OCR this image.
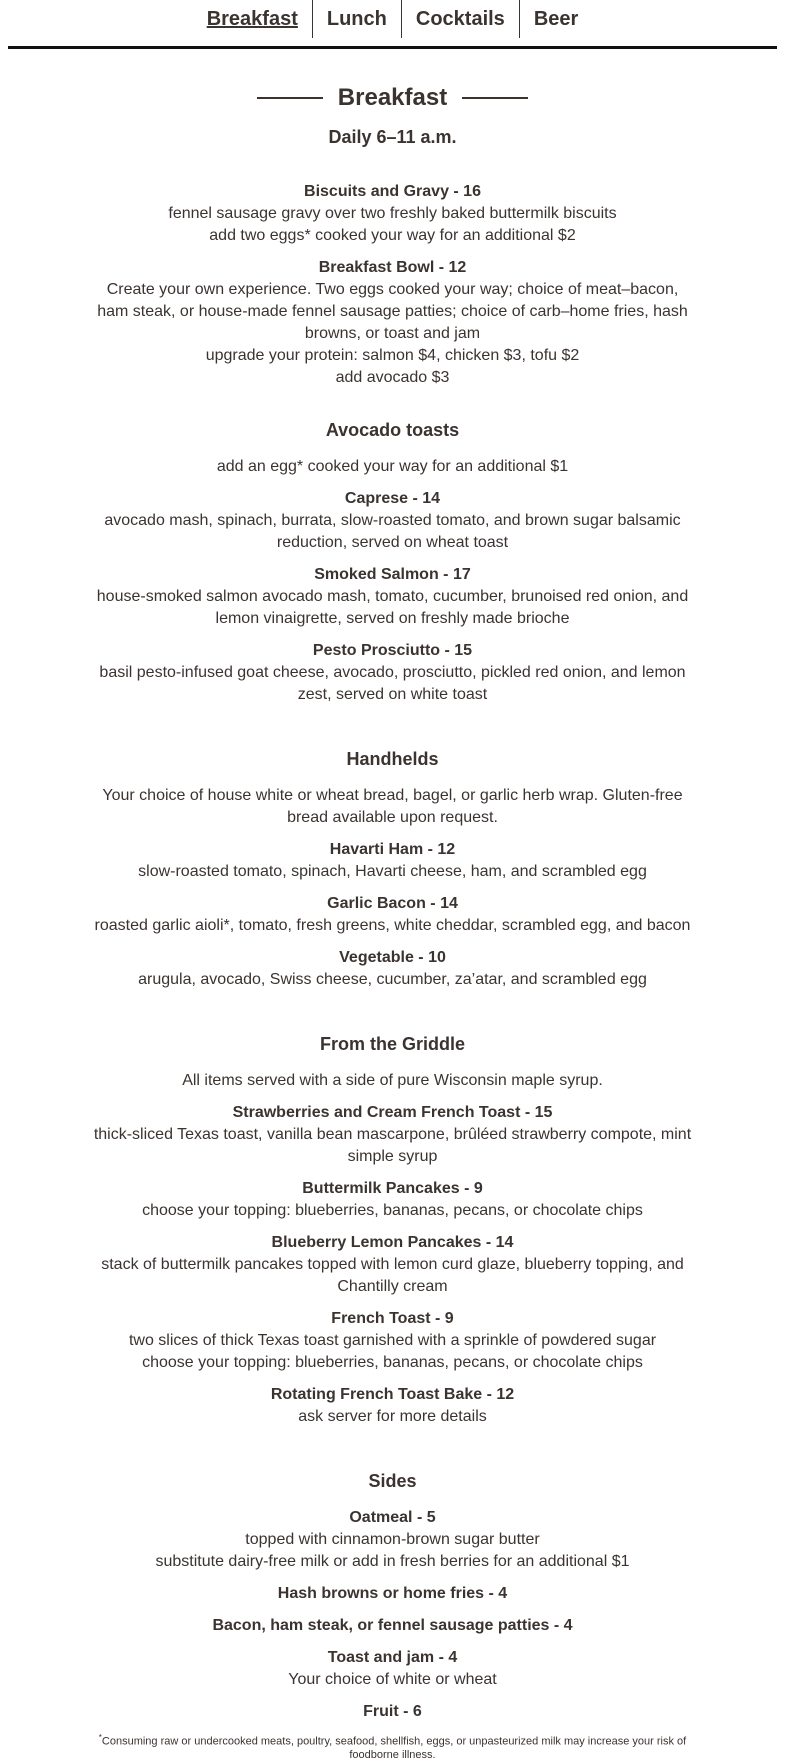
Breakfast	Lunch	Cocktails	Beer
Breakfast
Daily 6–11 a.m.
Biscuits and Gravy - 16
fennel sausage gravy over two freshly baked buttermilk biscuits
add two eggs* cooked your way for an additional $2
Breakfast Bowl - 12
Create your own experience. Two eggs cooked your way; choice of meat–bacon, ham steak, or house-made fennel sausage patties; choice of carb–home fries, hash browns, or toast and jam
upgrade your protein: salmon $4, chicken $3, tofu $2
add avocado $3
Avocado toasts
add an egg* cooked your way for an additional $1
Caprese - 14
avocado mash, spinach, burrata, slow-roasted tomato, and brown sugar balsamic reduction, served on wheat toast
Smoked Salmon - 17
house-smoked salmon avocado mash, tomato, cucumber, brunoised red onion, and lemon vinaigrette, served on freshly made brioche
Pesto Prosciutto - 15
basil pesto-infused goat cheese, avocado, prosciutto, pickled red onion, and lemon zest, served on white toast
Handhelds
Your choice of house white or wheat bread, bagel, or garlic herb wrap. Gluten-free bread available upon request.
Havarti Ham - 12
slow-roasted tomato, spinach, Havarti cheese, ham, and scrambled egg
Garlic Bacon - 14
roasted garlic aioli*, tomato, fresh greens, white cheddar, scrambled egg, and bacon
Vegetable - 10
arugula, avocado, Swiss cheese, cucumber, za’atar, and scrambled egg
From the Griddle
All items served with a side of pure Wisconsin maple syrup.
Strawberries and Cream French Toast - 15
thick-sliced Texas toast, vanilla bean mascarpone, brûléed strawberry compote, mint simple syrup
Buttermilk Pancakes - 9
choose your topping: blueberries, bananas, pecans, or chocolate chips
Blueberry Lemon Pancakes - 14
stack of buttermilk pancakes topped with lemon curd glaze, blueberry topping, and Chantilly cream
French Toast - 9
two slices of thick Texas toast garnished with a sprinkle of powdered sugar
choose your topping: blueberries, bananas, pecans, or chocolate chips
Rotating French Toast Bake - 12
ask server for more details
Sides
Oatmeal - 5
topped with cinnamon-brown sugar butter
substitute dairy-free milk or add in fresh berries for an additional $1
Hash browns or home fries - 4
Bacon, ham steak, or fennel sausage patties - 4
Toast and jam - 4
Your choice of white or wheat
Fruit - 6
*Consuming raw or undercooked meats, poultry, seafood, shellfish, eggs, or unpasteurized milk may increase your risk of foodborne illness.
